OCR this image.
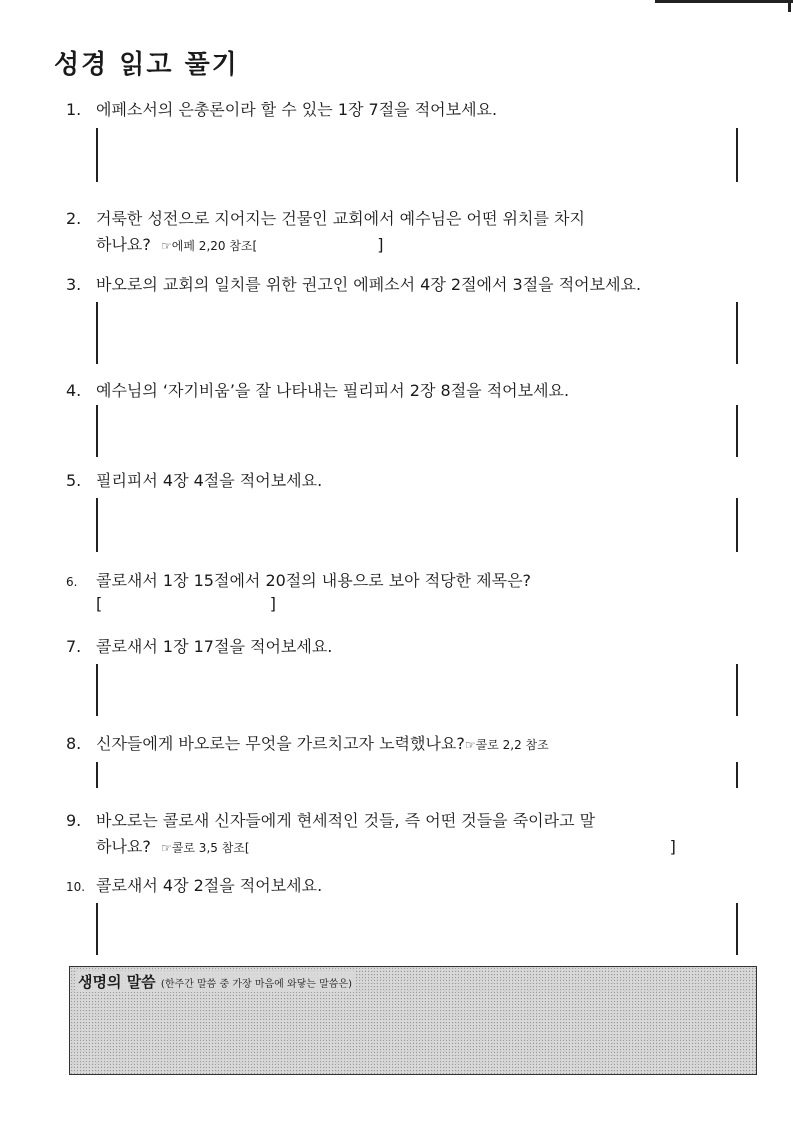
성경 읽고 풀기
1. 에페소서의 은총론이라 할 수 있는 1장 7절을 적어보세요.
2. 거룩한 성전으로 지어지는 건물인 교회에서 예수님은 어떤 위치를 차지
하나요? ☞에페 2,20 참조[	]
3. 바오로의 교회의 일치를 위한 권고인 에페소서 4장 2절에서 3절을 적어보세요.
4. 예수님의 ‘자기비움’을 잘 나타내는 필리피서 2장 8절을 적어보세요.
5. 필리피서 4장 4절을 적어보세요.
6. 콜로새서 1장 15절에서 20절의 내용으로 보아 적당한 제목은?
[	]
7. 콜로새서 1장 17절을 적어보세요.
8. 신자들에게 바오로는 무엇을 가르치고자 노력했나요?☞콜로 2,2 참조
9. 바오로는 콜로새 신자들에게 현세적인 것들, 즉 어떤 것들을 죽이라고 말
하나요? ☞콜로 3,5 참조[	]
10. 콜로새서 4장 2절을 적어보세요.
생명의 말씀 (한주간 말씀 중 가장 마음에 와닿는 말씀은)
